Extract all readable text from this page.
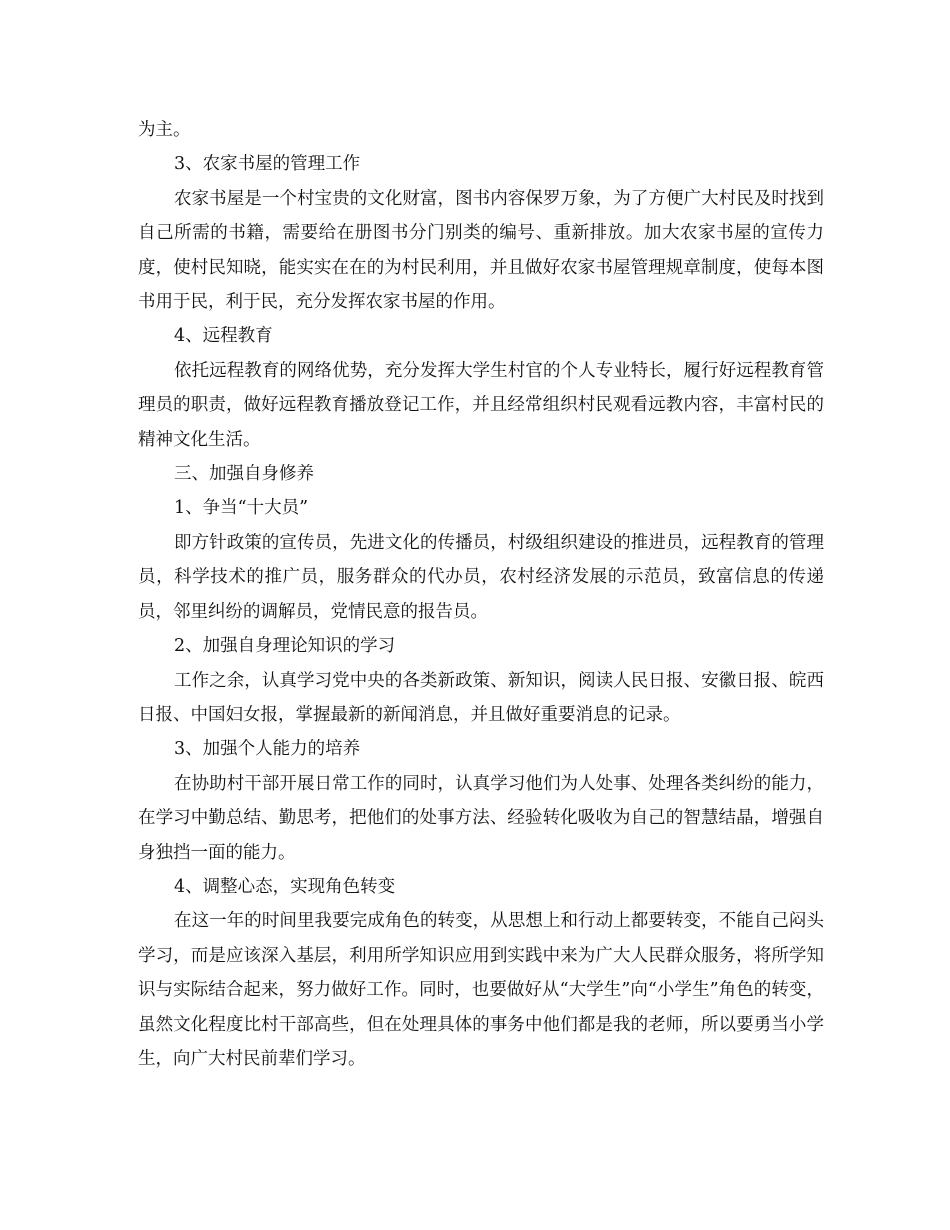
为主。

3、农家书屋的管理工作

农家书屋是一个村宝贵的文化财富，图书内容保罗万象，为了方便广大村民及时找到自己所需的书籍，需要给在册图书分门别类的编号、重新排放。加大农家书屋的宣传力度，使村民知晓，能实实在在的为村民利用，并且做好农家书屋管理规章制度，使每本图书用于民，利于民，充分发挥农家书屋的作用。

4、远程教育

依托远程教育的网络优势，充分发挥大学生村官的个人专业特长，履行好远程教育管理员的职责，做好远程教育播放登记工作，并且经常组织村民观看远教内容，丰富村民的精神文化生活。

三、加强自身修养

1、争当“十大员”

即方针政策的宣传员，先进文化的传播员，村级组织建设的推进员，远程教育的管理员，科学技术的推广员，服务群众的代办员，农村经济发展的示范员，致富信息的传递员，邻里纠纷的调解员，党情民意的报告员。

2、加强自身理论知识的学习

工作之余，认真学习党中央的各类新政策、新知识，阅读人民日报、安徽日报、皖西日报、中国妇女报，掌握最新的新闻消息，并且做好重要消息的记录。

3、加强个人能力的培养

在协助村干部开展日常工作的同时，认真学习他们为人处事、处理各类纠纷的能力，在学习中勤总结、勤思考，把他们的处事方法、经验转化吸收为自己的智慧结晶，增强自身独挡一面的能力。

4、调整心态，实现角色转变

在这一年的时间里我要完成角色的转变，从思想上和行动上都要转变，不能自己闷头学习，而是应该深入基层，利用所学知识应用到实践中来为广大人民群众服务，将所学知识与实际结合起来，努力做好工作。同时，也要做好从“大学生”向“小学生”角色的转变，虽然文化程度比村干部高些，但在处理具体的事务中他们都是我的老师，所以要勇当小学生，向广大村民前辈们学习。
